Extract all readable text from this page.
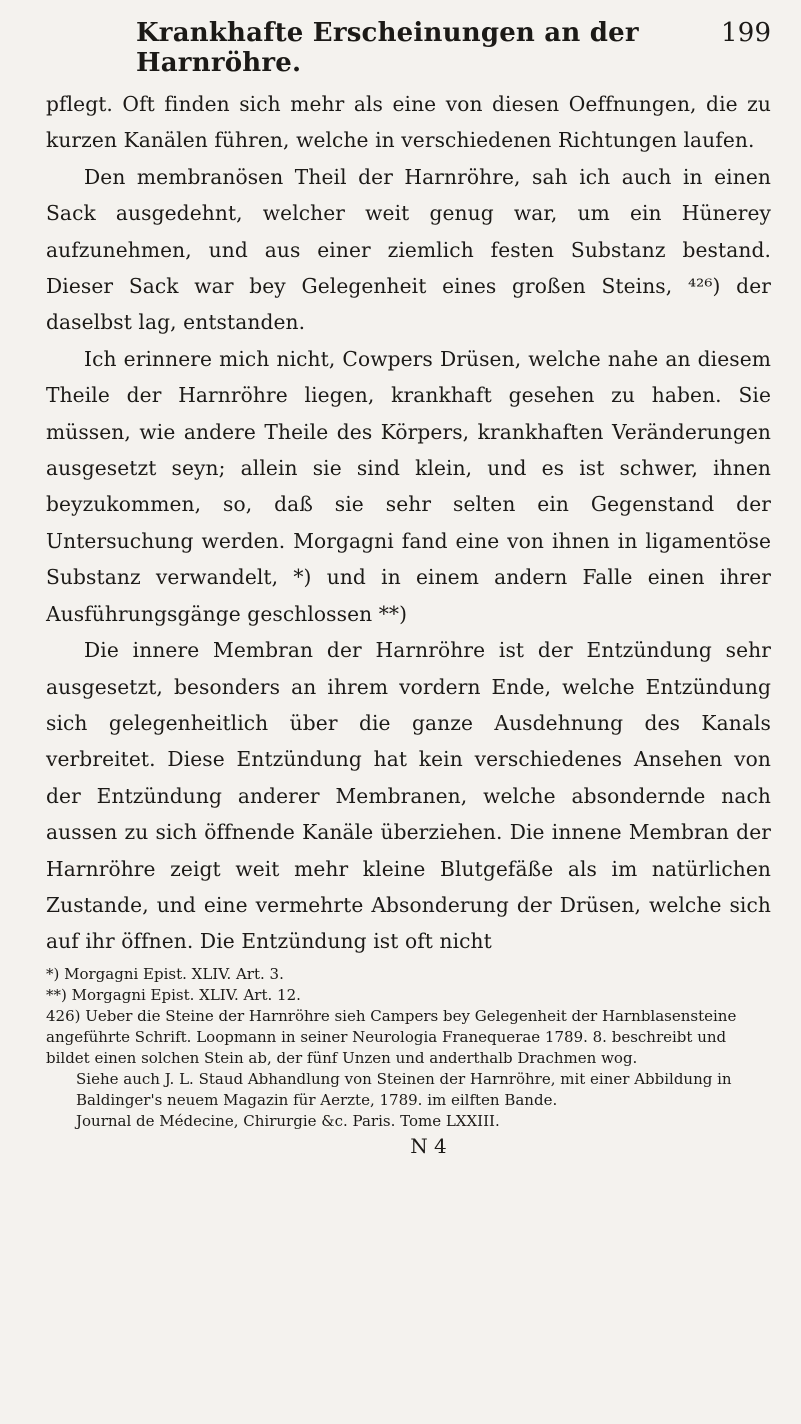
Krankhafte Erscheinungen an der Harnröhre.
199

pflegt. Oft finden sich mehr als eine von diesen Oeffnungen, die zu kurzen Kanälen führen, welche in verschiedenen Richtungen laufen.

Den membranösen Theil der Harnröhre, sah ich auch in einen Sack ausgedehnt, welcher weit genug war, um ein Hünerey aufzunehmen, und aus einer ziemlich festen Substanz bestand. Dieser Sack war bey Gelegenheit eines großen Steins, ⁴²⁶) der daselbst lag, entstanden.

Ich erinnere mich nicht, Cowpers Drüsen, welche nahe an diesem Theile der Harnröhre liegen, krankhaft gesehen zu haben. Sie müssen, wie andere Theile des Körpers, krankhaften Veränderungen ausgesetzt seyn; allein sie sind klein, und es ist schwer, ihnen beyzukommen, so, daß sie sehr selten ein Gegenstand der Untersuchung werden. Morgagni fand eine von ihnen in ligamentöse Substanz verwandelt, *) und in einem andern Falle einen ihrer Ausführungsgänge geschlossen **)

Die innere Membran der Harnröhre ist der Entzündung sehr ausgesetzt, besonders an ihrem vordern Ende, welche Entzündung sich gelegenheitlich über die ganze Ausdehnung des Kanals verbreitet. Diese Entzündung hat kein verschiedenes Ansehen von der Entzündung anderer Membranen, welche absondernde nach aussen zu sich öffnende Kanäle überziehen. Die innene Membran der Harnröhre zeigt weit mehr kleine Blutgefäße als im natürlichen Zustande, und eine vermehrte Absonderung der Drüsen, welche sich auf ihr öffnen. Die Entzündung ist oft nicht

*) Morgagni Epist. XLIV. Art. 3.

**) Morgagni Epist. XLIV. Art. 12.

426) Ueber die Steine der Harnröhre sieh Campers bey Gelegenheit der Harnblasensteine angeführte Schrift. Loopmann in seiner Neurologia Franequerae 1789. 8. beschreibt und bildet einen solchen Stein ab, der fünf Unzen und anderthalb Drachmen wog.

Siehe auch J. L. Staud Abhandlung von Steinen der Harnröhre, mit einer Abbildung in Baldinger's neuem Magazin für Aerzte, 1789. im eilften Bande.

Journal de Médecine, Chirurgie &c. Paris. Tome LXXIII.

N 4
